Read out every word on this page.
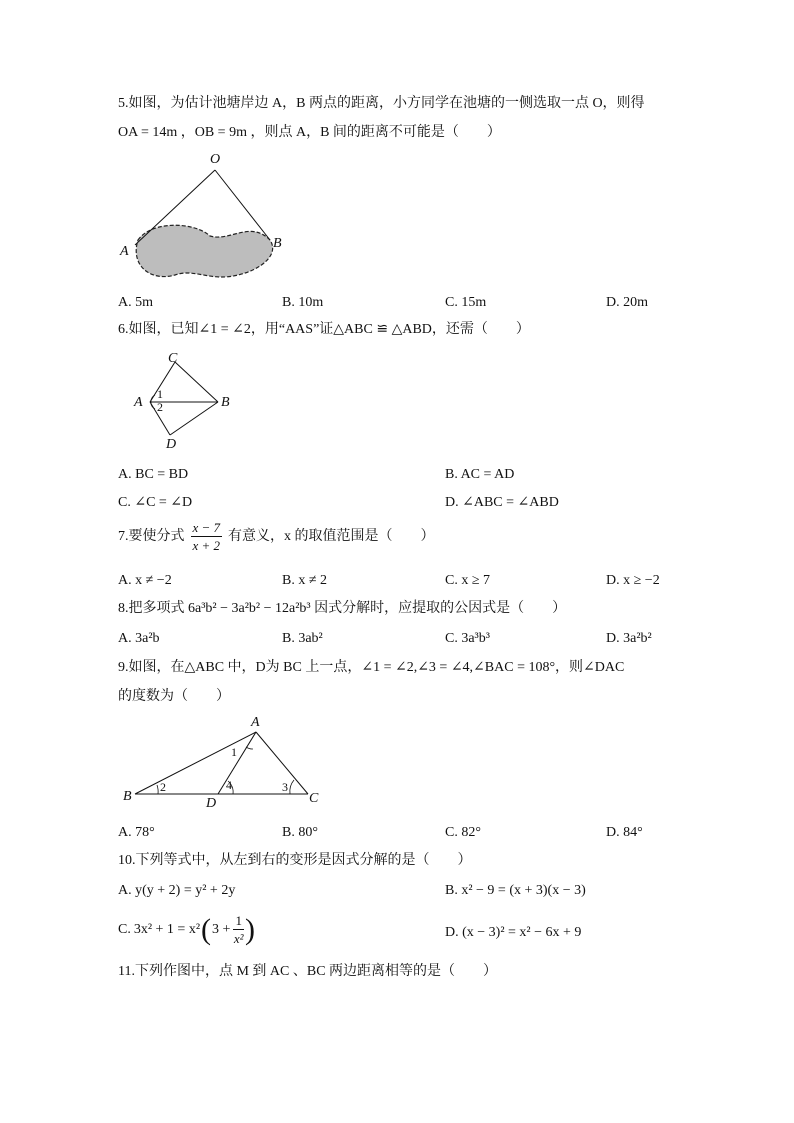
5.如图，为估计池塘岸边 A，B 两点的距离，小方同学在池塘的一侧选取一点 O，则得
OA = 14m ，OB = 9m ，则点 A，B 间的距离不可能是（　　）
O
A
B
A. 5m	B. 10m	C. 15m	D. 20m
6.如图，已知∠1 = ∠2，用“AAS”证△ABC ≌ △ABD，还需（　　）
C
A	B
D
1
2
A. BC = BD	B. AC = AD
C. ∠C = ∠D	D. ∠ABC = ∠ABD
7.要使分式 $\frac{x - 7}{x + 2}$ 有意义，x 的取值范围是（　　）
A. x ≠ −2	B. x ≠ 2	C. x ≥ 7	D. x ≥ −2
8.把多项式 6a³b² − 3a²b² − 12a²b³ 因式分解时，应提取的公因式是（　　）
A. 3a²b	B. 3ab²	C. 3a³b³	D. 3a²b²
9.如图，在△ABC 中，D为 BC 上一点，∠1 = ∠2,∠3 = ∠4,∠BAC = 108°，则∠DAC
的度数为（　　）
A
B	C
D
1
2	3
4
A. 78°	B. 80°	C. 82°	D. 84°
10.下列等式中，从左到右的变形是因式分解的是（　　）
A. y(y + 2) = y² + 2y	B. x² − 9 = (x + 3)(x − 3)
C. 3x² + 1 = x² ( $3 + \frac{1}{\text{x²}}$ )	D. (x − 3)² = x² − 6x + 9
11.下列作图中，点 M 到 AC 、BC 两边距离相等的是（　　）
